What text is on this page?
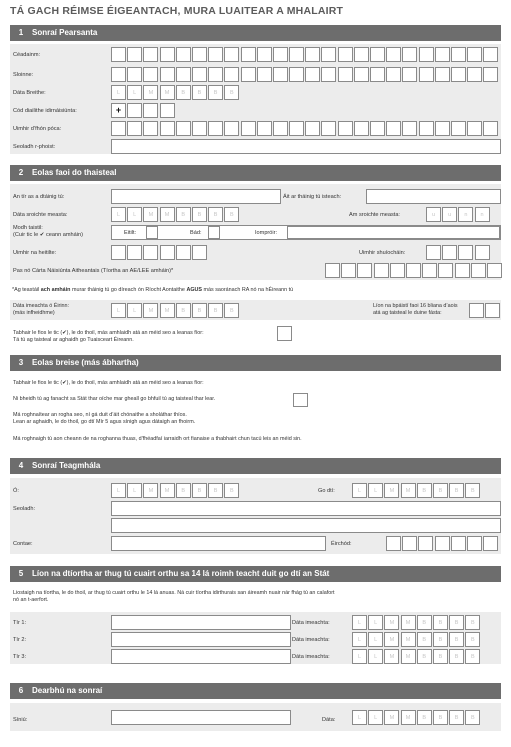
TÁ GACH RÉIMSE ÉIGEANTACH, MURA LUAITEAR A MHALAIRT
1 Sonraí Pearsanta
Céadainm:
Sloinne:
Dáta Breithe:	L	L	M	M	B	B	B	B
Cód diailithe idirnáisiúnta:	+
Uimhir d’fhón póca:
Seoladh r-phoist:
2 Eolas faoi do thaisteal
An tír as a dtáinig tú:	Áit ar tháinig tú isteach:
Dáta sroichte measta:	L	L	M	M	B	B	B	B	Am sroichte measta:	u	u	n	n
Modh taistil:
(Cuir tic le ✔ ceann amháin)	Eitilt:	Bád:	Iompróir:
Uimhir na heitilte:	Uimhir shuíocháin:
Pas nó Cárta Náisiúnta Aitheantais (Tíortha an AE/LEE amháin)*
*Ag teastáil ach amháin murar tháinig tú go díreach ón Ríocht Aontaithe AGUS más saoránach RA nó na hÉireann tú
Dáta imeachta ó Éirinn:
(más infheidhme)	L	L	M	M	B	B	B	B
Líon na bpáistí faoi 16 bliana d’aois
atá ag taisteal le duine fásta:
Tabhair le fios le tic (✔), le do thoil, más amhlaidh atá an méid seo a leanas fíor:
Tá tú ag taisteal ar aghaidh go Tuaisceart Éireann.
3 Eolas breise (más ábhartha)
Tabhair le fios le tic (✔), le do thoil, más amhlaidh atá an méid seo a leanas fíor:
Ni bheidh tú ag fanacht sa Stát thar oíche mar gheall go bhfuil tú ag taisteal thar lear.
Má roghnaítear an rogha seo, ní gá duit d’áit chónaithe a sholáthar thíos.
Lean ar aghaidh, le do thoil, go dtí Mír 5 agus sínigh agus dátaigh an fhoirm.
Má roghnaigh tú aon cheann de na roghanna thuas, d’fhéadfaí iarraidh ort fianaise a thabhairt chun tacú leis an méid sin.
4 Sonraí Teagmhála
Ó:	L	L	M	M	B	B	B	B	Go dtí:	L	L	M	M	B	B	B	B
Seoladh:
Contae:	Éirchód:
5 Líon na dtíortha ar thug tú cuairt orthu sa 14 lá roimh teacht duit go dtí an Stát
Liostaigh na tíortha, le do thoil, ar thug tú cuairt orthu le 14 lá anuas. Ná cuir tíortha idirthurais san áireamh nuair nár fhág tú an calafort
nó an t-aerfort.
Tír 1:	Dáta imeachta:	L	L	M	M	B	B	B	B
Tír 2:	Dáta imeachta:	L	L	M	M	B	B	B	B
Tír 3:	Dáta imeachta:	L	L	M	M	B	B	B	B
6 Dearbhú na sonraí
Síniú:	Dáta:	L	L	M	M	B	B	B	B
